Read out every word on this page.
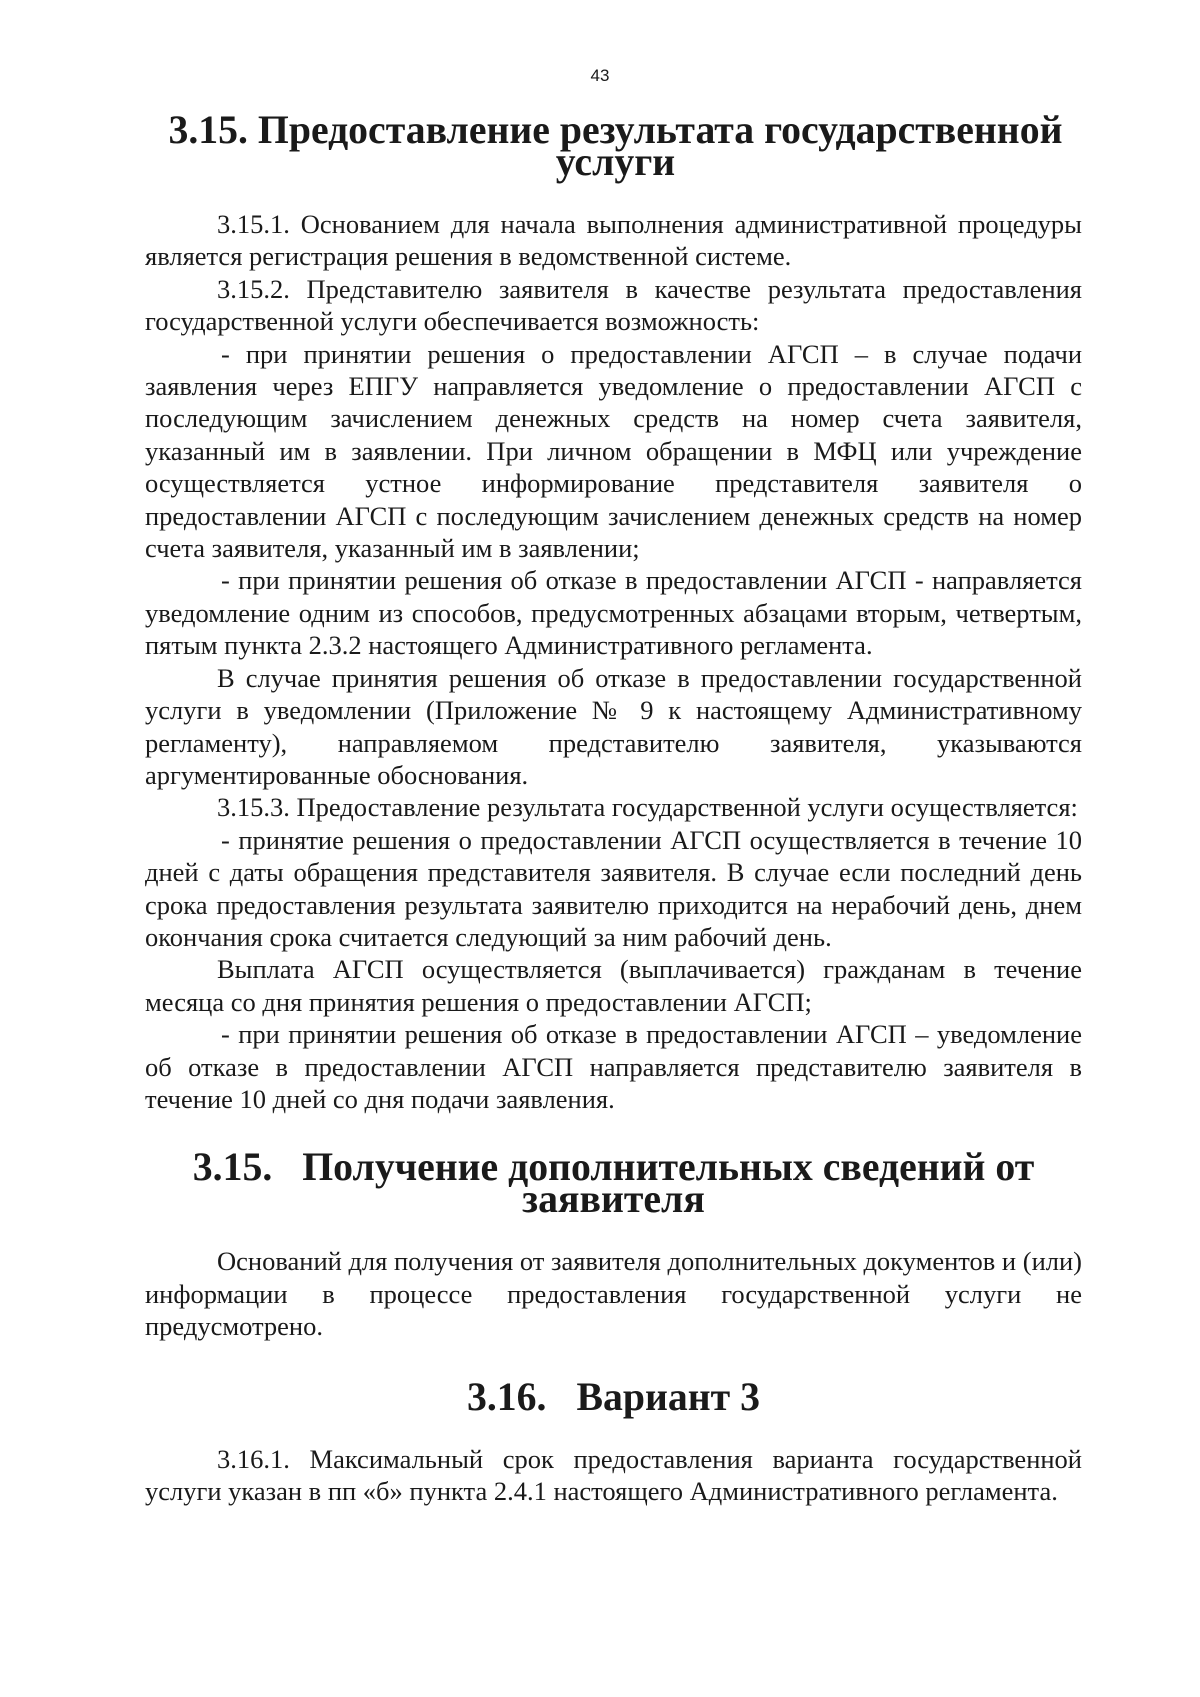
43
3.15. Предоставление результата государственной услуги

3.15.1. Основанием для начала выполнения административной процедуры является регистрация решения в ведомственной системе.

3.15.2. Представителю заявителя в качестве результата предоставления государственной услуги обеспечивается возможность:

- при принятии решения о предоставлении АГСП – в случае подачи заявления через ЕПГУ направляется уведомление о предоставлении АГСП с последующим зачислением денежных средств на номер счета заявителя, указанный им в заявлении. При личном обращении в МФЦ или учреждение осуществляется устное информирование представителя заявителя о предоставлении АГСП с последующим зачислением денежных средств на номер счета заявителя, указанный им в заявлении;

- при принятии решения об отказе в предоставлении АГСП - направляется уведомление одним из способов, предусмотренных абзацами вторым, четвертым, пятым пункта 2.3.2 настоящего Административного регламента.

В случае принятия решения об отказе в предоставлении государственной услуги в уведомлении (Приложение № 9 к настоящему Административному регламенту), направляемом представителю заявителя, указываются аргументированные обоснования.

3.15.3. Предоставление результата государственной услуги осуществляется:

- принятие решения о предоставлении АГСП осуществляется в течение 10 дней с даты обращения представителя заявителя. В случае если последний день срока предоставления результата заявителю приходится на нерабочий день, днем окончания срока считается следующий за ним рабочий день.

Выплата АГСП осуществляется (выплачивается) гражданам в течение месяца со дня принятия решения о предоставлении АГСП;

- при принятии решения об отказе в предоставлении АГСП – уведомление об отказе в предоставлении АГСП направляется представителю заявителя в течение 10 дней со дня подачи заявления.

3.15. Получение дополнительных сведений от заявителя

Оснований для получения от заявителя дополнительных документов и (или) информации в процессе предоставления государственной услуги не предусмотрено.

3.16. Вариант 3

3.16.1. Максимальный срок предоставления варианта государственной услуги указан в пп «б» пункта 2.4.1 настоящего Административного регламента.
